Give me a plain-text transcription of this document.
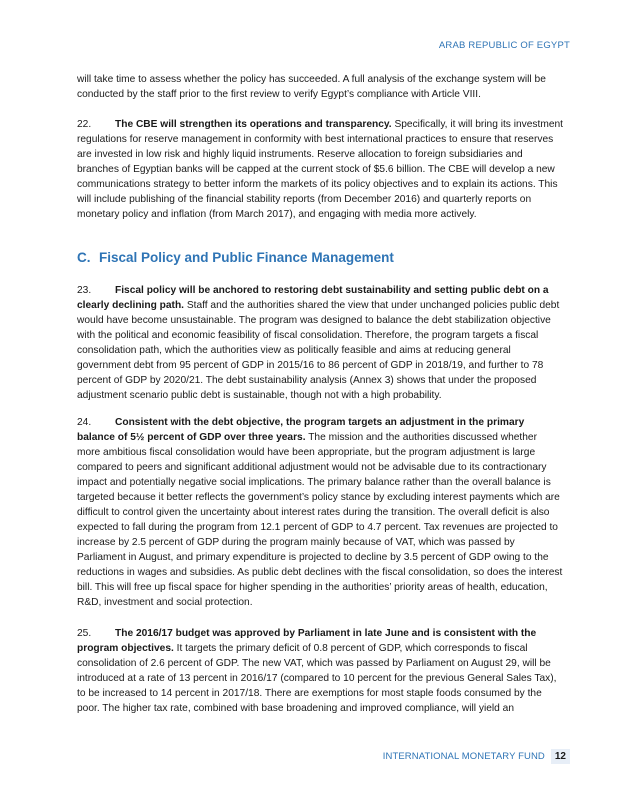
ARAB REPUBLIC OF EGYPT

will take time to assess whether the policy has succeeded. A full analysis of the exchange system will be conducted by the staff prior to the first review to verify Egypt’s compliance with Article VIII.

22. The CBE will strengthen its operations and transparency. Specifically, it will bring its investment regulations for reserve management in conformity with best international practices to ensure that reserves are invested in low risk and highly liquid instruments. Reserve allocation to foreign subsidiaries and branches of Egyptian banks will be capped at the current stock of $5.6 billion. The CBE will develop a new communications strategy to better inform the markets of its policy objectives and to explain its actions. This will include publishing of the financial stability reports (from December 2016) and quarterly reports on monetary policy and inflation (from March 2017), and engaging with media more actively.

C. Fiscal Policy and Public Finance Management

23. Fiscal policy will be anchored to restoring debt sustainability and setting public debt on a clearly declining path. Staff and the authorities shared the view that under unchanged policies public debt would have become unsustainable. The program was designed to balance the debt stabilization objective with the political and economic feasibility of fiscal consolidation. Therefore, the program targets a fiscal consolidation path, which the authorities view as politically feasible and aims at reducing general government debt from 95 percent of GDP in 2015/16 to 86 percent of GDP in 2018/19, and further to 78 percent of GDP by 2020/21. The debt sustainability analysis (Annex 3) shows that under the proposed adjustment scenario public debt is sustainable, though not with a high probability.

24. Consistent with the debt objective, the program targets an adjustment in the primary balance of 5½ percent of GDP over three years. The mission and the authorities discussed whether more ambitious fiscal consolidation would have been appropriate, but the program adjustment is large compared to peers and significant additional adjustment would not be advisable due to its contractionary impact and potentially negative social implications. The primary balance rather than the overall balance is targeted because it better reflects the government’s policy stance by excluding interest payments which are difficult to control given the uncertainty about interest rates during the transition. The overall deficit is also expected to fall during the program from 12.1 percent of GDP to 4.7 percent. Tax revenues are projected to increase by 2.5 percent of GDP during the program mainly because of VAT, which was passed by Parliament in August, and primary expenditure is projected to decline by 3.5 percent of GDP owing to the reductions in wages and subsidies. As public debt declines with the fiscal consolidation, so does the interest bill. This will free up fiscal space for higher spending in the authorities’ priority areas of health, education, R&D, investment and social protection.

25. The 2016/17 budget was approved by Parliament in late June and is consistent with the program objectives. It targets the primary deficit of 0.8 percent of GDP, which corresponds to fiscal consolidation of 2.6 percent of GDP. The new VAT, which was passed by Parliament on August 29, will be introduced at a rate of 13 percent in 2016/17 (compared to 10 percent for the previous General Sales Tax), to be increased to 14 percent in 2017/18. There are exemptions for most staple foods consumed by the poor. The higher tax rate, combined with base broadening and improved compliance, will yield an

INTERNATIONAL MONETARY FUND	12
